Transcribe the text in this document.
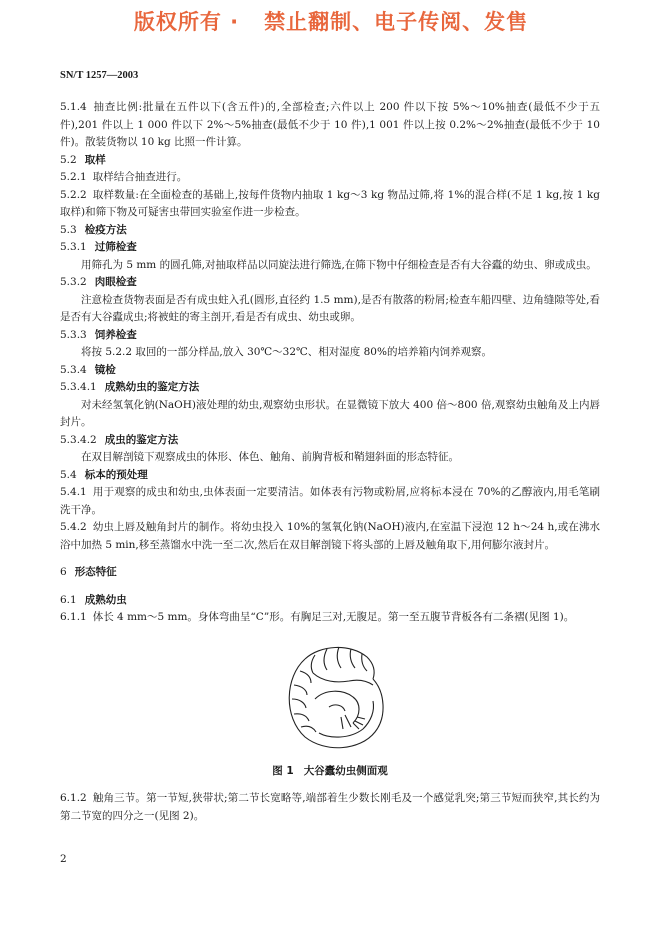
版权所有 ·   禁止翻制、电子传阅、发售
SN/T 1257—2003

5.1.4 抽查比例:批量在五件以下(含五件)的,全部检查;六件以上 200 件以下按 5%～10%抽查(最低不少于五件),201 件以上 1 000 件以下 2%～5%抽查(最低不少于 10 件),1 001 件以上按 0.2%～2%抽查(最低不少于 10 件)。散装货物以 10 kg 比照一件计算。

5.2 取样

5.2.1 取样结合抽查进行。

5.2.2 取样数量:在全面检查的基础上,按每件货物内抽取 1 kg～3 kg 物品过筛,将 1%的混合样(不足 1 kg,按 1 kg 取样)和筛下物及可疑害虫带回实验室作进一步检查。

5.3 检疫方法

5.3.1 过筛检查

用筛孔为 5 mm 的圆孔筛,对抽取样品以同旋法进行筛选,在筛下物中仔细检查是否有大谷蠹的幼虫、卵或成虫。

5.3.2 肉眼检查

注意检查货物表面是否有成虫蛀入孔(圆形,直径约 1.5 mm),是否有散落的粉屑;检查车船四壁、边角缝隙等处,看是否有大谷蠹成虫;将被蛀的寄主剖开,看是否有成虫、幼虫或卵。

5.3.3 饲养检查

将按 5.2.2 取回的一部分样品,放入 30℃～32℃、相对湿度 80%的培养箱内饲养观察。

5.3.4 镜检

5.3.4.1 成熟幼虫的鉴定方法

对未经氢氧化钠(NaOH)液处理的幼虫,观察幼虫形状。在显微镜下放大 400 倍～800 倍,观察幼虫触角及上内唇封片。

5.3.4.2 成虫的鉴定方法

在双目解剖镜下观察成虫的体形、体色、触角、前胸背板和鞘翅斜面的形态特征。

5.4 标本的预处理

5.4.1 用于观察的成虫和幼虫,虫体表面一定要清洁。如体表有污物或粉屑,应将标本浸在 70%的乙醇液内,用毛笔刷洗干净。

5.4.2 幼虫上唇及触角封片的制作。将幼虫投入 10%的氢氧化钠(NaOH)液内,在室温下浸泡 12 h～24 h,或在沸水浴中加热 5 min,移至蒸馏水中洗一至二次,然后在双目解剖镜下将头部的上唇及触角取下,用何膨尔液封片。

6 形态特征

6.1 成熟幼虫

6.1.1 体长 4 mm～5 mm。身体弯曲呈“C”形。有胸足三对,无腹足。第一至五腹节背板各有二条褶(见图 1)。

图 1 大谷蠹幼虫侧面观

6.1.2 触角三节。第一节短,狭带状;第二节长宽略等,端部着生少数长刚毛及一个感觉乳突;第三节短而狭窄,其长约为第二节宽的四分之一(见图 2)。

2
